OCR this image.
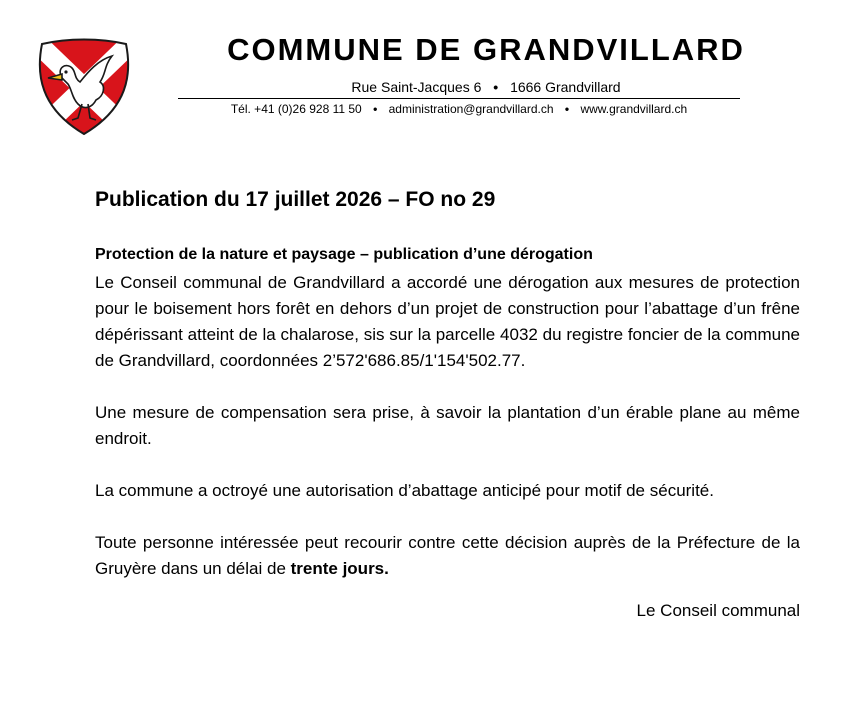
COMMUNE DE GRANDVILLARD
Rue Saint-Jacques 6 • 1666 Grandvillard
Tél. +41 (0)26 928 11 50 • administration@grandvillard.ch • www.grandvillard.ch
Publication du 17 juillet 2026 – FO no 29
Protection de la nature et paysage – publication d’une dérogation

Le Conseil communal de Grandvillard a accordé une dérogation aux mesures de protection pour le boisement hors forêt en dehors d’un projet de construction pour l’abattage d’un frêne dépérissant atteint de la chalarose, sis sur la parcelle 4032 du registre foncier de la commune de Grandvillard, coordonnées 2’572'686.85/1'154'502.77.

Une mesure de compensation sera prise, à savoir la plantation d’un érable plane au même endroit.

La commune a octroyé une autorisation d’abattage anticipé pour motif de sécurité.

Toute personne intéressée peut recourir contre cette décision auprès de la Préfecture de la Gruyère dans un délai de trente jours.

Le Conseil communal
